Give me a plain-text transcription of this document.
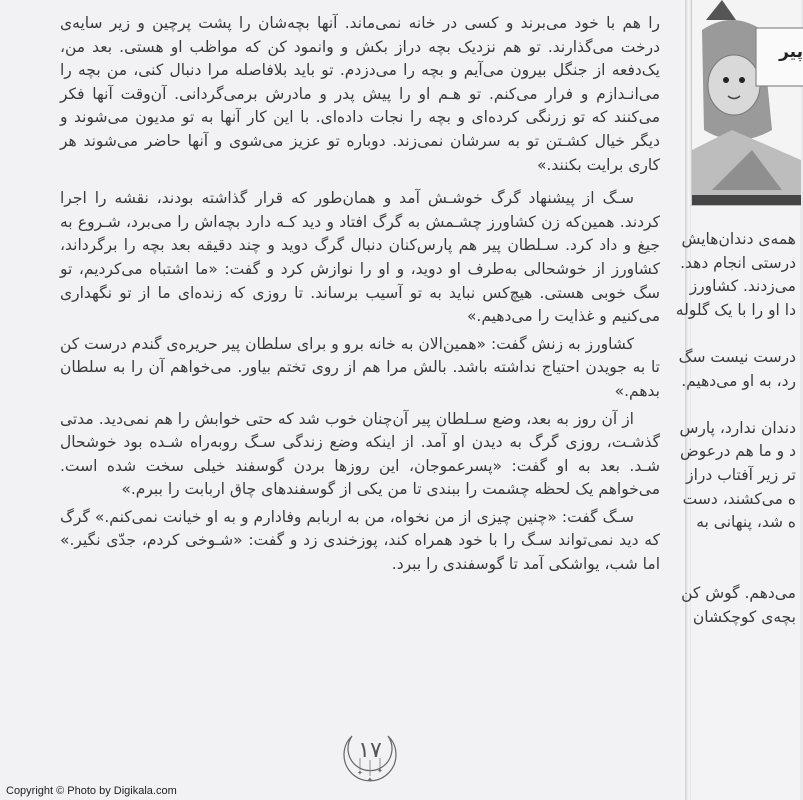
را هم با خود می‌برند و کسی در خانه نمی‌ماند. آنها بچه‌شان را پشت پرچین و زیر سایه‌ی درخت می‌گذارند. تو هم نزدیک بچه دراز بکش و وانمود کن که مواظب او هستی. بعد من، یک‌دفعه از جنگل بیرون می‌آیم و بچه را می‌دزدم. تو باید بلافاصله مرا دنبال کنی، من بچه را می‌انـدازم و فرار می‌کنم. تو هـم او را پیش پدر و مادرش برمی‌گردانی. آن‌وقت آنها فکر می‌کنند که تو زرنگی کرده‌ای و بچه را نجات داده‌ای. با این کار آنها به تو مدیون می‌شوند و دیگر خیال کشـتن تو به سرشان نمی‌زند. دوباره تو عزیز می‌شوی و آنها حاضر می‌شوند هر کاری برایت بکنند.»

سـگ از پیشنهاد گرگ خوشـش آمد و همان‌طور که قرار گذاشته بودند، نقشه را اجرا کردند. همین‌که زن کشاورز چشـمش به گرگ افتاد و دید کـه دارد بچه‌اش را می‌برد، شـروع به جیغ و داد کرد. سـلطان پیر هم پارس‌کنان دنبال گرگ دوید و چند دقیقه بعد بچه را برگرداند، کشاورز از خوشحالی به‌طرف او دوید، و او را نوازش کرد و گفت: «ما اشتباه می‌کردیم، تو سگ خوبی هستی. هیچ‌کس نباید به تو آسیب برساند. تا روزی که زنده‌ای ما از تو نگهداری می‌کنیم و غذایت را می‌دهیم.»

کشاورز به زنش گفت: «همین‌الان به خانه برو و برای سلطان پیر حریره‌ی گندم درست کن تا به جویدن احتیاج نداشته باشد. بالش مرا هم از روی تختم بیاور. می‌خواهم آن را به سلطان بدهم.»

از آن روز به بعد، وضع سـلطان پیر آن‌چنان خوب شد که حتی خوابش را هم نمی‌دید. مدتی گذشـت، روزی گرگ به دیدن او آمد. از اینکه وضع زندگی سـگ روبه‌راه شـده بود خوشحال شـد. بعد به او گفت: «پسرعموجان، این روزها بردن گوسفند خیلی سخت شده است. می‌خواهم یک لحظه چشمت را ببندی تا من یکی از گوسفندهای چاق اربابت را ببرم.»

سـگ گفت: «چنین چیزی از من نخواه، من به اربابم وفادارم و به او خیانت نمی‌کنم.» گرگ که دید نمی‌تواند سـگ را با خود همراه کند، پوزخندی زد و گفت: «شـوخی کردم، جدّی نگیر.» اما شب، یواشکی آمد تا گوسفندی را ببرد.

✦
✦
✦
۱۷
پیر
همه‌ی دندان‌هایش
درستی انجام دهد.
می‌زدند. کشاورز
دا او را با یک گلوله
درست نیست سگ
رد، به او می‌دهیم.
دندان ندارد، پارس
د و ما هم درعوض
تر زیر آفتاب دراز
ه می‌کشند، دست
ه شد، پنهانی به
می‌دهم. گوش کن
بچه‌ی کوچکشان
Copyright © Photo by Digikala.com
